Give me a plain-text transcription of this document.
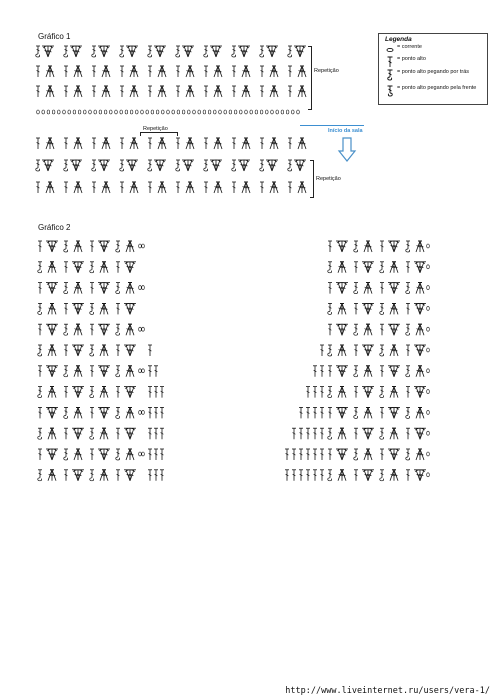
Gráfico 1	Legenda
= corrente
= ponto alto
= ponto alto pegando por trás
= ponto alto pegando pela frente
Repetição
Repetição	Início da sala
Repetição
Gráfico 2
http://www.liveinternet.ru/users/vera-1/
